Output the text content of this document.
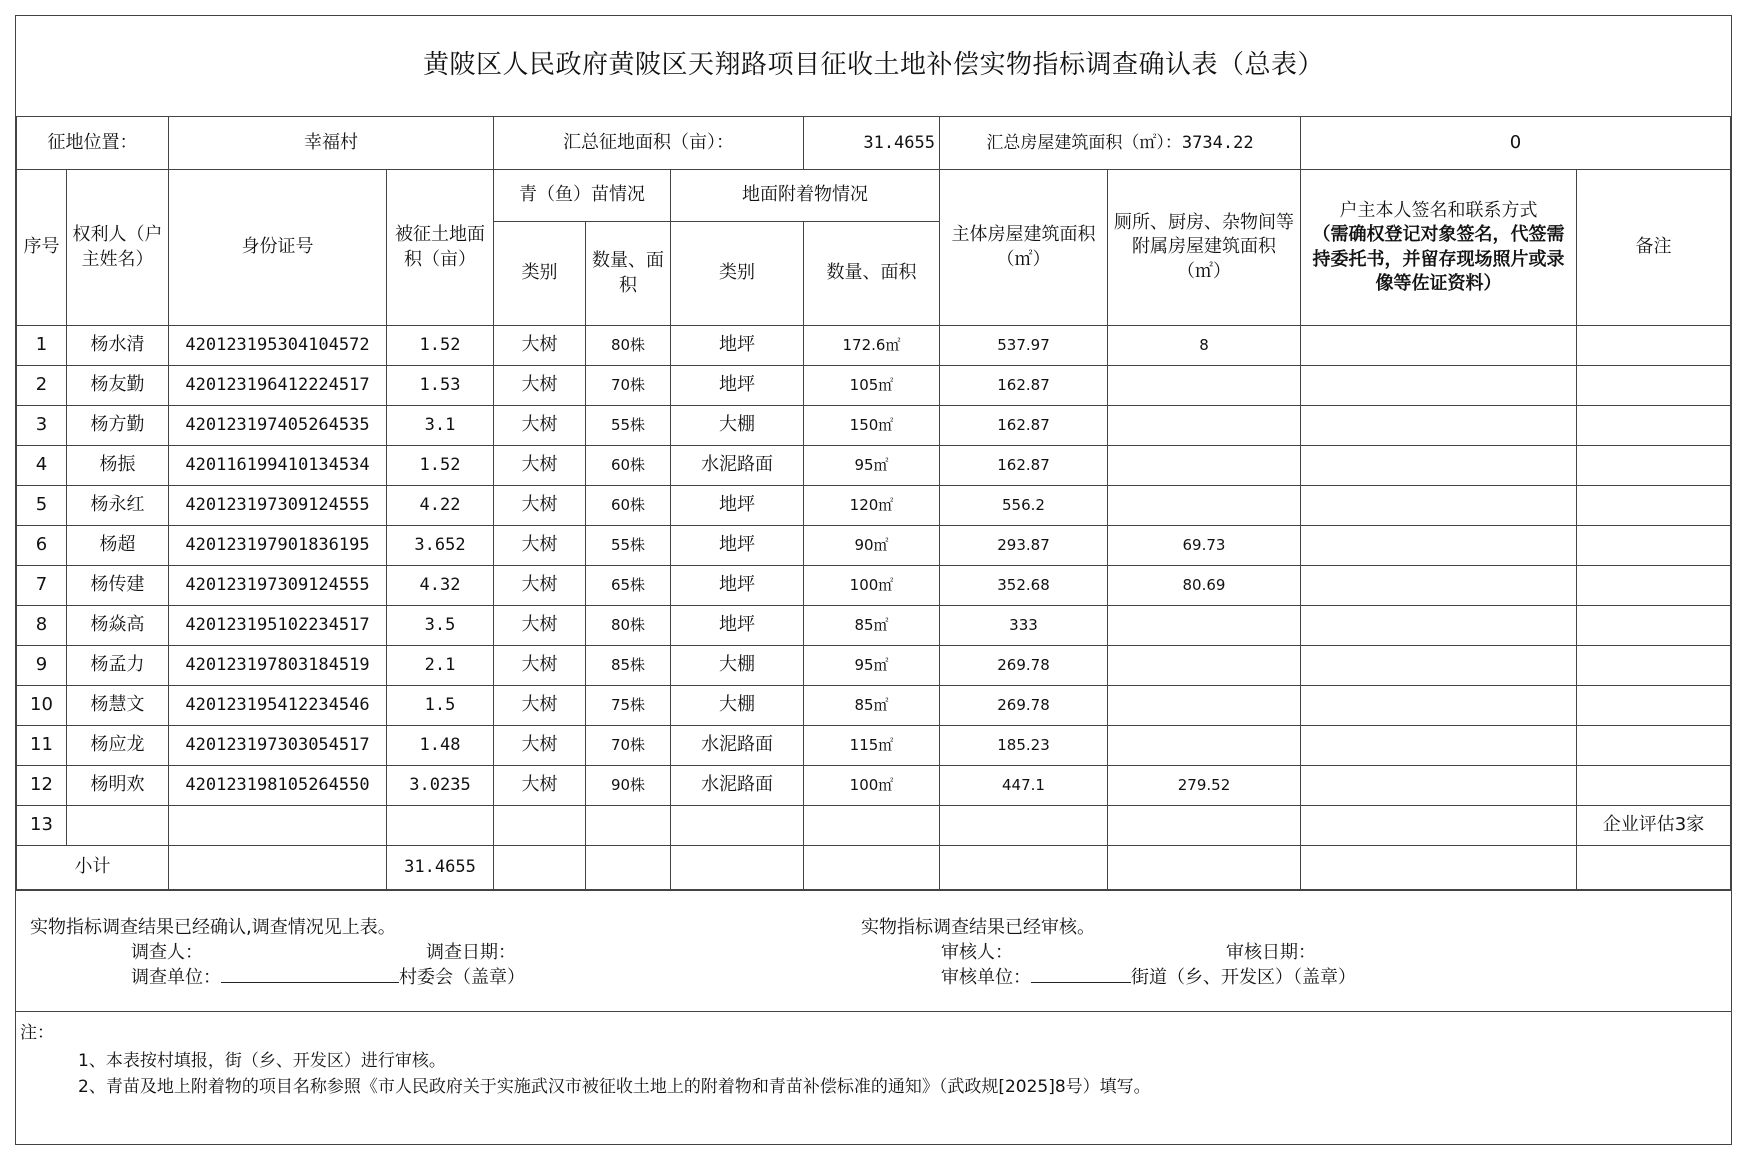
黄陂区人民政府黄陂区天翔路项目征收土地补偿实物指标调查确认表（总表）											
征地位置：		幸福村		汇总征地面积（亩）：			31.4655	汇总房屋建筑面积（㎡）：3734.22		0	
序号	权利人（户主姓名）	身份证号	被征土地面积（亩）	青（鱼）苗情况		地面附着物情况		主体房屋建筑面积（㎡）	厕所、厨房、杂物间等附属房屋建筑面积（㎡）	户主本人签名和联系方式
（需确权登记对象签名，代签需持委托书，并留存现场照片或录像等佐证资料）	备注
				类别	数量、面积	类别	数量、面积				
1	杨水清	420123195304104572	1.52	大树	80株	地坪	172.6㎡	537.97	8		
2	杨友勤	420123196412224517	1.53	大树	70株	地坪	105㎡	162.87			
3	杨方勤	420123197405264535	3.1	大树	55株	大棚	150㎡	162.87			
4	杨振	420116199410134534	1.52	大树	60株	水泥路面	95㎡	162.87			
5	杨永红	420123197309124555	4.22	大树	60株	地坪	120㎡	556.2			
6	杨超	420123197901836195	3.652	大树	55株	地坪	90㎡	293.87	69.73		
7	杨传建	420123197309124555	4.32	大树	65株	地坪	100㎡	352.68	80.69		
8	杨焱高	420123195102234517	3.5	大树	80株	地坪	85㎡	333			
9	杨孟力	420123197803184519	2.1	大树	85株	大棚	95㎡	269.78			
10	杨慧文	420123195412234546	1.5	大树	75株	大棚	85㎡	269.78			
11	杨应龙	420123197303054517	1.48	大树	70株	水泥路面	115㎡	185.23			
12	杨明欢	420123198105264550	3.0235	大树	90株	水泥路面	100㎡	447.1	279.52		
13											企业评估3家
小计			31.4655								
实物指标调查结果已经确认,调查情况见上表。
调查人：	调查日期：
调查单位：	村委会（盖章）
实物指标调查结果已经审核。
审核人：	审核日期：
审核单位：	街道（乡、开发区）（盖章）
注：
1、本表按村填报，街（乡、开发区）进行审核。
2、青苗及地上附着物的项目名称参照《市人民政府关于实施武汉市被征收土地上的附着物和青苗补偿标准的通知》（武政规[2025]8号）填写。
